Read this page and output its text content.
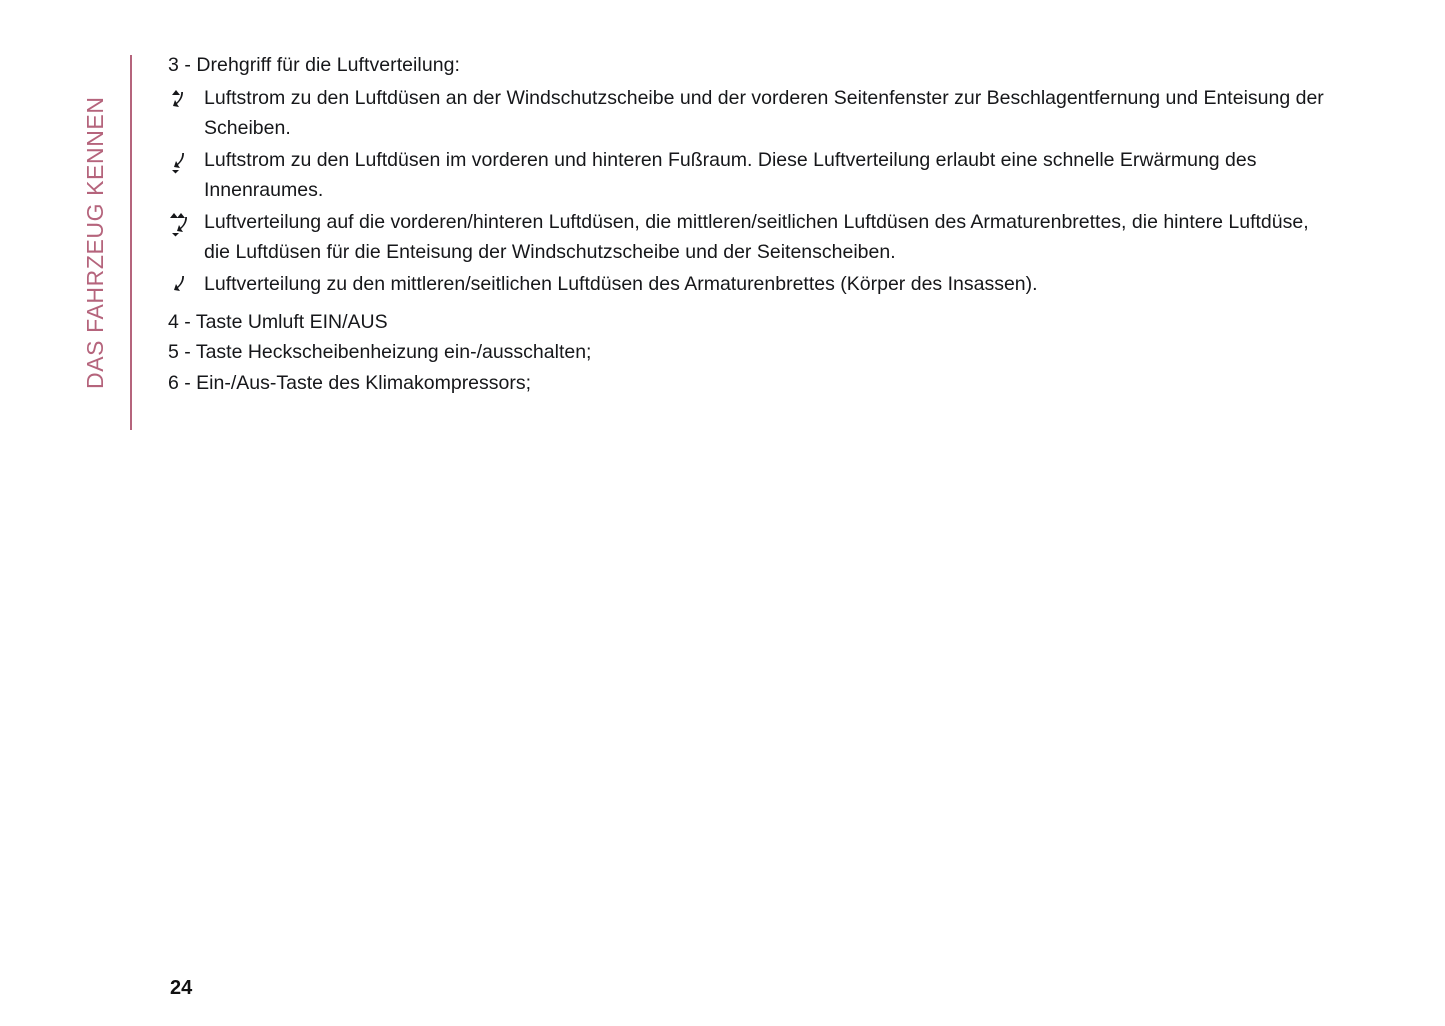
DAS FAHRZEUG KENNEN
3 - Drehgriff für die Luftverteilung:
Luftstrom zu den Luftdüsen an der Windschutzscheibe und der vorderen Seitenfenster zur Beschlagentfernung und Enteisung der Scheiben.
Luftstrom zu den Luftdüsen im vorderen und hinteren Fußraum. Diese Luftverteilung erlaubt eine schnelle Erwärmung des Innenraumes.
Luftverteilung auf die vorderen/hinteren Luftdüsen, die mittleren/seitlichen Luftdüsen des Armaturenbrettes, die hintere Luftdüse, die Luftdüsen für die Enteisung der Windschutzscheibe und der Seitenscheiben.
Luftverteilung zu den mittleren/seitlichen Luftdüsen des Armaturenbrettes (Körper des Insassen).
4 - Taste Umluft EIN/AUS
5 - Taste Heckscheibenheizung ein-/ausschalten;
6 - Ein-/Aus-Taste des Klimakompressors;
24
